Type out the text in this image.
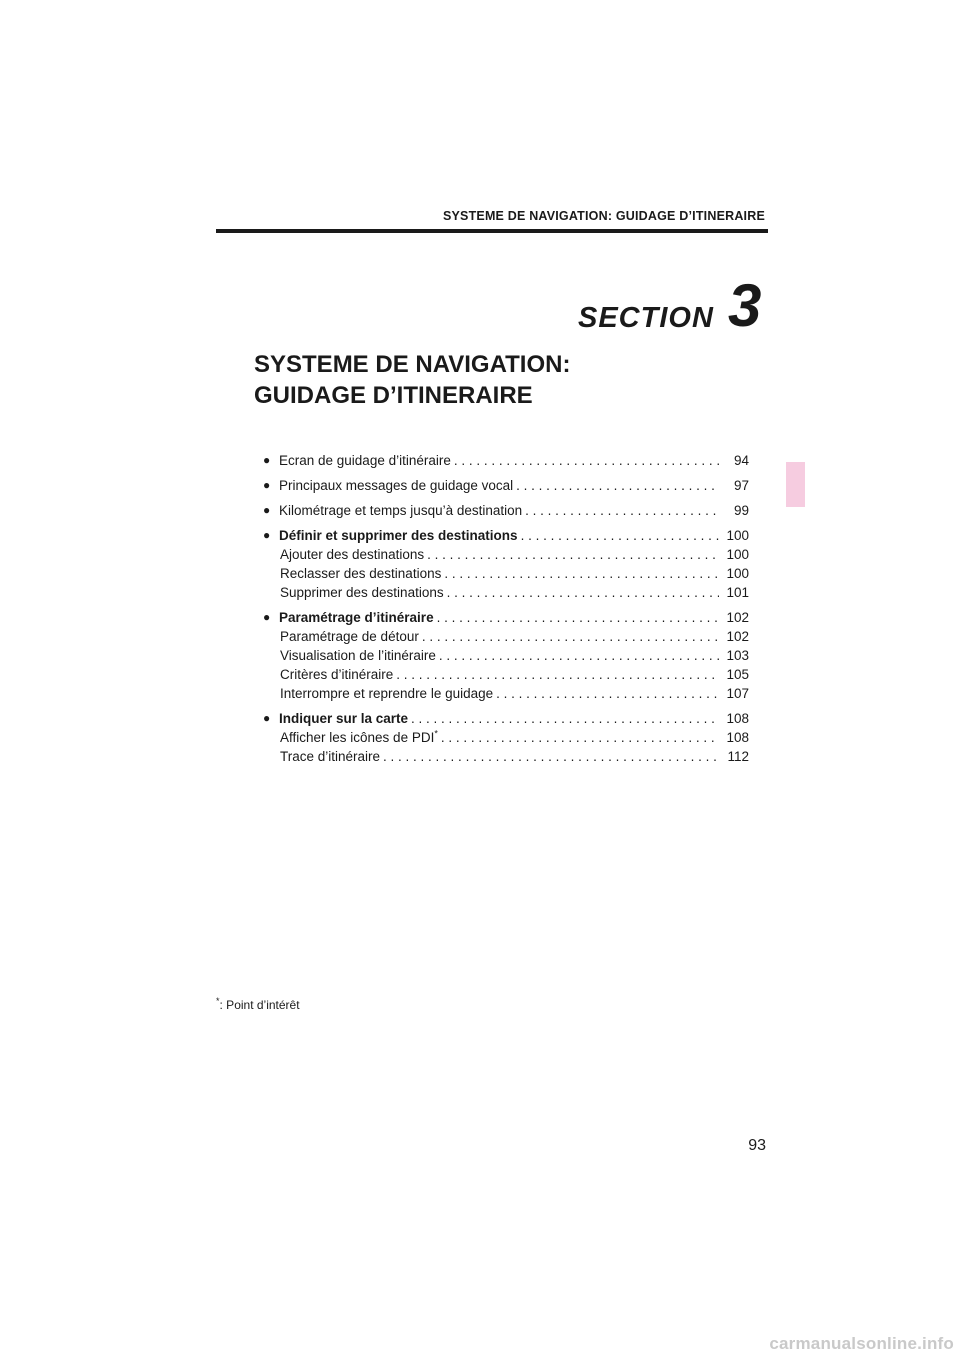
SYSTEME DE NAVIGATION: GUIDAGE D’ITINERAIRE
SECTION 3
SYSTEME DE NAVIGATION:
GUIDAGE D’ITINERAIRE
● Ecran de guidage d’itinéraire . . .	94
● Principaux messages de guidage vocal . . .	97
● Kilométrage et temps jusqu’à destination . . .	99
● Définir et supprimer des destinations . . .	100
Ajouter des destinations . . .	100
Reclasser des destinations . . .	100
Supprimer des destinations . . .	101
● Paramétrage d’itinéraire . . .	102
Paramétrage de détour . . .	102
Visualisation de l’itinéraire . . .	103
Critères d’itinéraire . . .	105
Interrompre et reprendre le guidage . . .	107
● Indiquer sur la carte . . .	108
Afficher les icônes de PDI* . . .	108
Trace d’itinéraire . . .	112
*: Point d’intérêt
93
carmanualsonline.info
